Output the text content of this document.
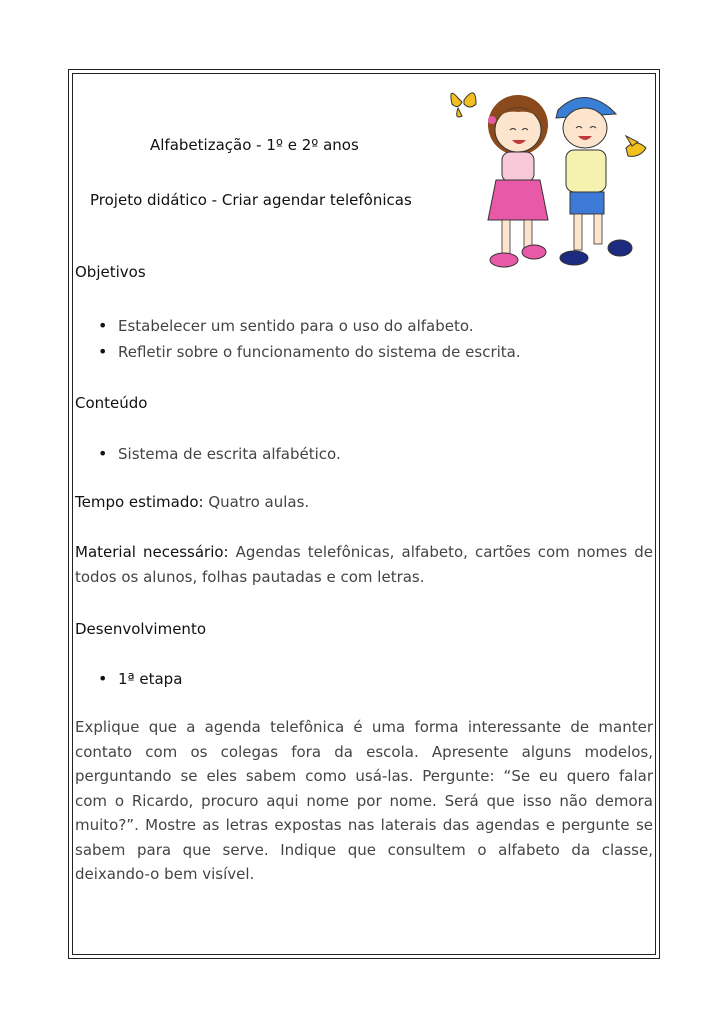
Alfabetização - 1º e 2º anos
Projeto didático - Criar agendar telefônicas
Objetivos
• Estabelecer um sentido para o uso do alfabeto.
• Refletir sobre o funcionamento do sistema de escrita.
Conteúdo
• Sistema de escrita alfabético.
Tempo estimado: Quatro aulas.
Material necessário: Agendas telefônicas, alfabeto, cartões com nomes de
todos os alunos, folhas pautadas e com letras.
Desenvolvimento
• 1ª etapa
Explique que a agenda telefônica é uma forma interessante de manter
contato com os colegas fora da escola. Apresente alguns modelos,
perguntando se eles sabem como usá-las. Pergunte: “Se eu quero falar
com o Ricardo, procuro aqui nome por nome. Será que isso não demora
muito?”. Mostre as letras expostas nas laterais das agendas e pergunte se
sabem para que serve. Indique que consultem o alfabeto da classe,
deixando-o bem visível.
